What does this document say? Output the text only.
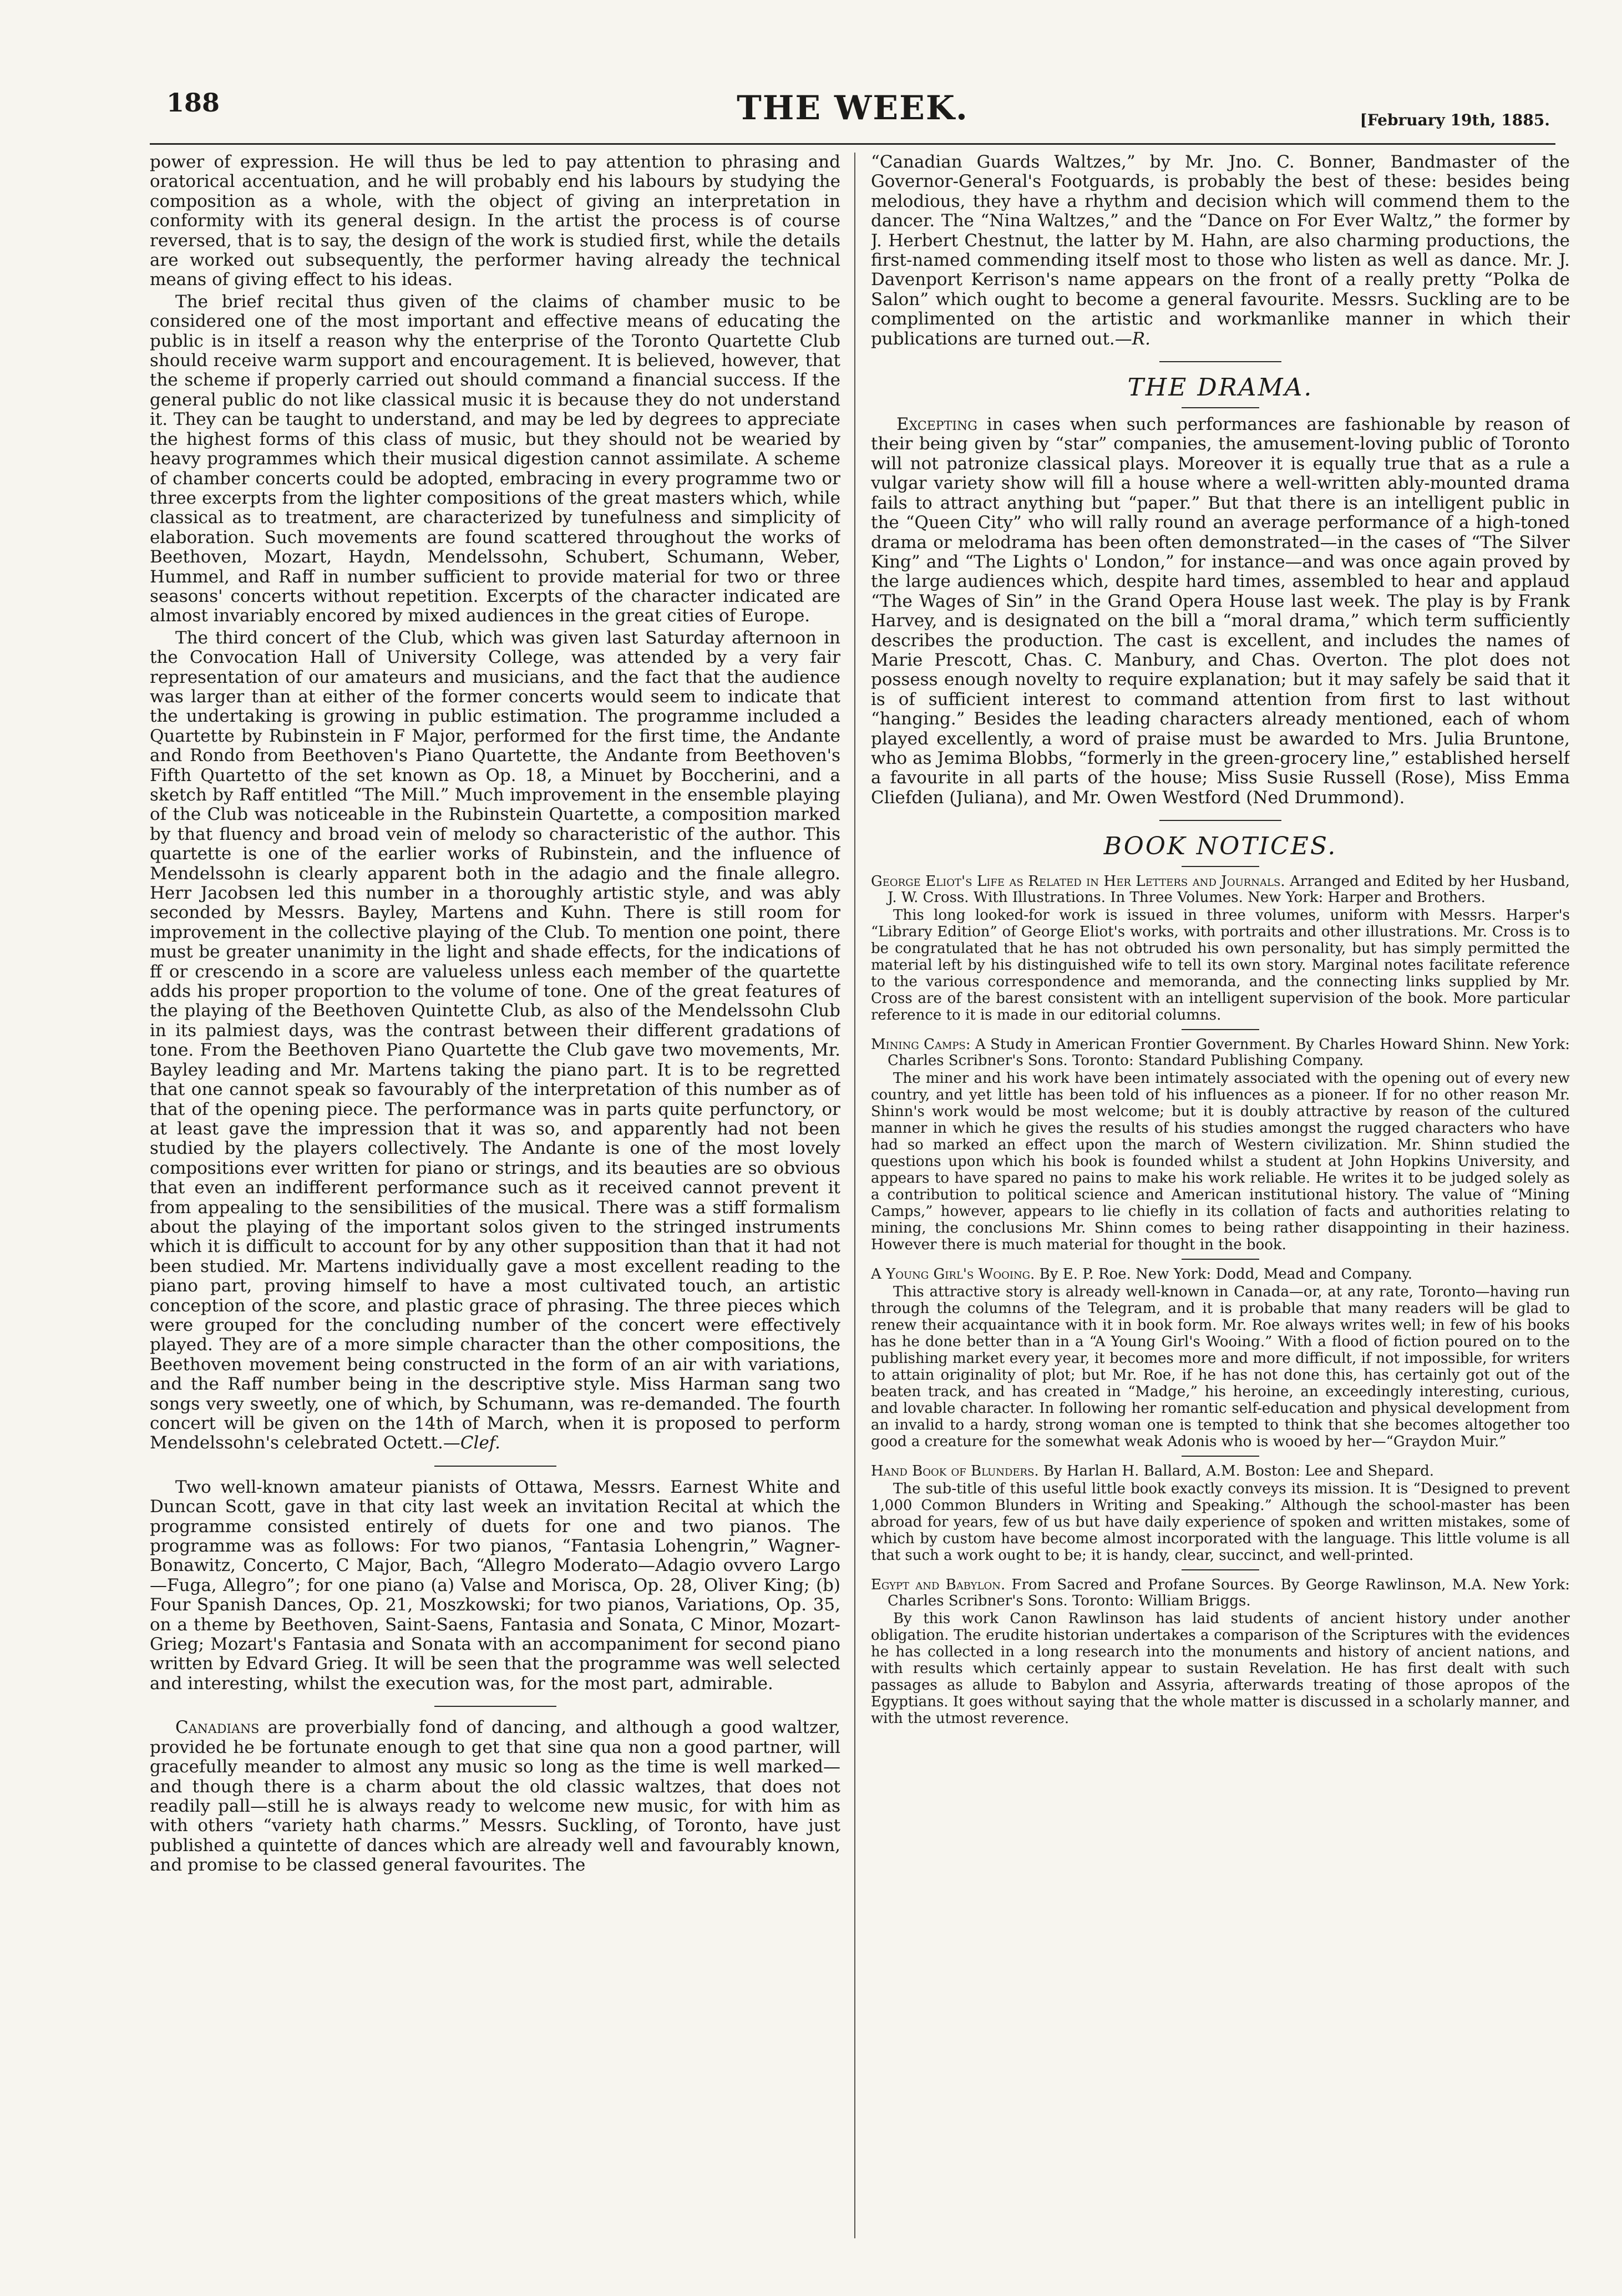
188	THE WEEK.	[February 19th, 1885.

power of expression. He will thus be led to pay attention to phrasing and oratorical accentuation, and he will probably end his labours by studying the composition as a whole, with the object of giving an interpretation in conformity with its general design. In the artist the process is of course reversed, that is to say, the design of the work is studied first, while the details are worked out subsequently, the performer having already the technical means of giving effect to his ideas.

The brief recital thus given of the claims of chamber music to be considered one of the most important and effective means of educating the public is in itself a reason why the enterprise of the Toronto Quartette Club should receive warm support and encouragement. It is believed, however, that the scheme if properly carried out should command a financial success. If the general public do not like classical music it is because they do not understand it. They can be taught to understand, and may be led by degrees to appreciate the highest forms of this class of music, but they should not be wearied by heavy programmes which their musical digestion cannot assimilate. A scheme of chamber concerts could be adopted, embracing in every programme two or three excerpts from the lighter compositions of the great masters which, while classical as to treatment, are characterized by tunefulness and simplicity of elaboration. Such movements are found scattered throughout the works of Beethoven, Mozart, Haydn, Mendelssohn, Schubert, Schumann, Weber, Hummel, and Raff in number sufficient to provide material for two or three seasons' concerts without repetition. Excerpts of the character indicated are almost invariably encored by mixed audiences in the great cities of Europe.

The third concert of the Club, which was given last Saturday afternoon in the Convocation Hall of University College, was attended by a very fair representation of our amateurs and musicians, and the fact that the audience was larger than at either of the former concerts would seem to indicate that the undertaking is growing in public estimation. The programme included a Quartette by Rubinstein in F Major, performed for the first time, the Andante and Rondo from Beethoven's Piano Quartette, the Andante from Beethoven's Fifth Quartetto of the set known as Op. 18, a Minuet by Boccherini, and a sketch by Raff entitled “The Mill.” Much improvement in the ensemble playing of the Club was noticeable in the Rubinstein Quartette, a composition marked by that fluency and broad vein of melody so characteristic of the author. This quartette is one of the earlier works of Rubinstein, and the influence of Mendelssohn is clearly apparent both in the adagio and the finale allegro. Herr Jacobsen led this number in a thoroughly artistic style, and was ably seconded by Messrs. Bayley, Martens and Kuhn. There is still room for improvement in the collective playing of the Club. To mention one point, there must be greater unanimity in the light and shade effects, for the indications of ff or crescendo in a score are valueless unless each member of the quartette adds his proper proportion to the volume of tone. One of the great features of the playing of the Beethoven Quintette Club, as also of the Mendelssohn Club in its palmiest days, was the contrast between their different gradations of tone. From the Beethoven Piano Quartette the Club gave two movements, Mr. Bayley leading and Mr. Martens taking the piano part. It is to be regretted that one cannot speak so favourably of the interpretation of this number as of that of the opening piece. The performance was in parts quite perfunctory, or at least gave the impression that it was so, and apparently had not been studied by the players collectively. The Andante is one of the most lovely compositions ever written for piano or strings, and its beauties are so obvious that even an indifferent performance such as it received cannot prevent it from appealing to the sensibilities of the musical. There was a stiff formalism about the playing of the important solos given to the stringed instruments which it is difficult to account for by any other supposition than that it had not been studied. Mr. Martens individually gave a most excellent reading to the piano part, proving himself to have a most cultivated touch, an artistic conception of the score, and plastic grace of phrasing. The three pieces which were grouped for the concluding number of the concert were effectively played. They are of a more simple character than the other compositions, the Beethoven movement being constructed in the form of an air with variations, and the Raff number being in the descriptive style. Miss Harman sang two songs very sweetly, one of which, by Schumann, was re-demanded. The fourth concert will be given on the 14th of March, when it is proposed to perform Mendelssohn's celebrated Octett.—Clef.

Two well-known amateur pianists of Ottawa, Messrs. Earnest White and Duncan Scott, gave in that city last week an invitation Recital at which the programme consisted entirely of duets for one and two pianos. The programme was as follows: For two pianos, “Fantasia Lohengrin,” Wagner-Bonawitz, Concerto, C Major, Bach, “Allegro Moderato—Adagio ovvero Largo—Fuga, Allegro”; for one piano (a) Valse and Morisca, Op. 28, Oliver King; (b) Four Spanish Dances, Op. 21, Moszkowski; for two pianos, Variations, Op. 35, on a theme by Beethoven, Saint-Saens, Fantasia and Sonata, C Minor, Mozart-Grieg; Mozart's Fantasia and Sonata with an accompaniment for second piano written by Edvard Grieg. It will be seen that the programme was well selected and interesting, whilst the execution was, for the most part, admirable.

Canadians are proverbially fond of dancing, and although a good waltzer, provided he be fortunate enough to get that sine qua non a good partner, will gracefully meander to almost any music so long as the time is well marked—and though there is a charm about the old classic waltzes, that does not readily pall—still he is always ready to welcome new music, for with him as with others “variety hath charms.” Messrs. Suckling, of Toronto, have just published a quintette of dances which are already well and favourably known, and promise to be classed general favourites. The

“Canadian Guards Waltzes,” by Mr. Jno. C. Bonner, Bandmaster of the Governor-General's Footguards, is probably the best of these: besides being melodious, they have a rhythm and decision which will commend them to the dancer. The “Nina Waltzes,” and the “Dance on For Ever Waltz,” the former by J. Herbert Chestnut, the latter by M. Hahn, are also charming productions, the first-named commending itself most to those who listen as well as dance. Mr. J. Davenport Kerrison's name appears on the front of a really pretty “Polka de Salon” which ought to become a general favourite. Messrs. Suckling are to be complimented on the artistic and workmanlike manner in which their publications are turned out.—R.

THE DRAMA.

Excepting in cases when such performances are fashionable by reason of their being given by “star” companies, the amusement-loving public of Toronto will not patronize classical plays. Moreover it is equally true that as a rule a vulgar variety show will fill a house where a well-written ably-mounted drama fails to attract anything but “paper.” But that there is an intelligent public in the “Queen City” who will rally round an average performance of a high-toned drama or melodrama has been often demonstrated—in the cases of “The Silver King” and “The Lights o' London,” for instance—and was once again proved by the large audiences which, despite hard times, assembled to hear and applaud “The Wages of Sin” in the Grand Opera House last week. The play is by Frank Harvey, and is designated on the bill a “moral drama,” which term sufficiently describes the production. The cast is excellent, and includes the names of Marie Prescott, Chas. C. Manbury, and Chas. Overton. The plot does not possess enough novelty to require explanation; but it may safely be said that it is of sufficient interest to command attention from first to last without “hanging.” Besides the leading characters already mentioned, each of whom played excellently, a word of praise must be awarded to Mrs. Julia Bruntone, who as Jemima Blobbs, “formerly in the green-grocery line,” established herself a favourite in all parts of the house; Miss Susie Russell (Rose), Miss Emma Cliefden (Juliana), and Mr. Owen Westford (Ned Drummond).

BOOK NOTICES.
George Eliot's Life as Related in Her Letters and Journals. Arranged and Edited by her Husband, J. W. Cross. With Illustrations. In Three Volumes. New York: Harper and Brothers.
This long looked-for work is issued in three volumes, uniform with Messrs. Harper's “Library Edition” of George Eliot's works, with portraits and other illustrations. Mr. Cross is to be congratulated that he has not obtruded his own personality, but has simply permitted the material left by his distinguished wife to tell its own story. Marginal notes facilitate reference to the various correspondence and memoranda, and the connecting links supplied by Mr. Cross are of the barest consistent with an intelligent supervision of the book. More particular reference to it is made in our editorial columns.
Mining Camps: A Study in American Frontier Government. By Charles Howard Shinn. New York: Charles Scribner's Sons. Toronto: Standard Publishing Company.
The miner and his work have been intimately associated with the opening out of every new country, and yet little has been told of his influences as a pioneer. If for no other reason Mr. Shinn's work would be most welcome; but it is doubly attractive by reason of the cultured manner in which he gives the results of his studies amongst the rugged characters who have had so marked an effect upon the march of Western civilization. Mr. Shinn studied the questions upon which his book is founded whilst a student at John Hopkins University, and appears to have spared no pains to make his work reliable. He writes it to be judged solely as a contribution to political science and American institutional history. The value of “Mining Camps,” however, appears to lie chiefly in its collation of facts and authorities relating to mining, the conclusions Mr. Shinn comes to being rather disappointing in their haziness. However there is much material for thought in the book.
A Young Girl's Wooing. By E. P. Roe. New York: Dodd, Mead and Company.
This attractive story is already well-known in Canada—or, at any rate, Toronto—having run through the columns of the Telegram, and it is probable that many readers will be glad to renew their acquaintance with it in book form. Mr. Roe always writes well; in few of his books has he done better than in a “A Young Girl's Wooing.” With a flood of fiction poured on to the publishing market every year, it becomes more and more difficult, if not impossible, for writers to attain originality of plot; but Mr. Roe, if he has not done this, has certainly got out of the beaten track, and has created in “Madge,” his heroine, an exceedingly interesting, curious, and lovable character. In following her romantic self-education and physical development from an invalid to a hardy, strong woman one is tempted to think that she becomes altogether too good a creature for the somewhat weak Adonis who is wooed by her—“Graydon Muir.”
Hand Book of Blunders. By Harlan H. Ballard, A.M. Boston: Lee and Shepard.
The sub-title of this useful little book exactly conveys its mission. It is “Designed to prevent 1,000 Common Blunders in Writing and Speaking.” Although the school-master has been abroad for years, few of us but have daily experience of spoken and written mistakes, some of which by custom have become almost incorporated with the language. This little volume is all that such a work ought to be; it is handy, clear, succinct, and well-printed.
Egypt and Babylon. From Sacred and Profane Sources. By George Rawlinson, M.A. New York: Charles Scribner's Sons. Toronto: William Briggs.
By this work Canon Rawlinson has laid students of ancient history under another obligation. The erudite historian undertakes a comparison of the Scriptures with the evidences he has collected in a long research into the monuments and history of ancient nations, and with results which certainly appear to sustain Revelation. He has first dealt with such passages as allude to Babylon and Assyria, afterwards treating of those apropos of the Egyptians. It goes without saying that the whole matter is discussed in a scholarly manner, and with the utmost reverence.
